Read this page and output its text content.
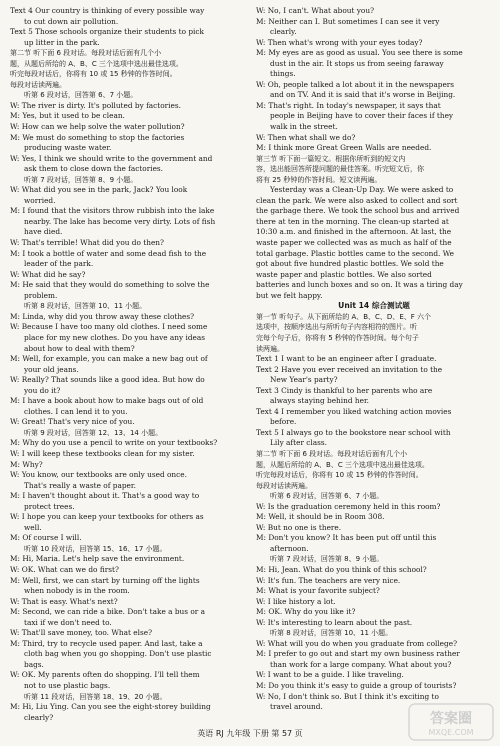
Text 4 Our country is thinking of every possible way
to cut down air pollution.
Text 5 Those schools organize their students to pick
up litter in the park.
第二节 听下面 6 段对话。每段对话后面有几个小
题，从题后所给的 A、B、C 三个选项中选出最佳选项。
听完每段对话后，你将有 10 或 15 秒钟的作答时间。
每段对话读两遍。
听第 6 段对话，回答第 6、7 小题。
W: The river is dirty. It's polluted by factories.
M: Yes, but it used to be clean.
W: How can we help solve the water pollution?
M: We must do something to stop the factories
producing waste water.
W: Yes, I think we should write to the government and
ask them to close down the factories.
听第 7 段对话，回答第 8、9 小题。
W: What did you see in the park, Jack? You look
worried.
M: I found that the visitors throw rubbish into the lake
nearby. The lake has become very dirty. Lots of fish
have died.
W: That's terrible! What did you do then?
M: I took a bottle of water and some dead fish to the
leader of the park.
W: What did he say?
M: He said that they would do something to solve the
problem.
听第 8 段对话，回答第 10、11 小题。
M: Linda, why did you throw away these clothes?
W: Because I have too many old clothes. I need some
place for my new clothes. Do you have any ideas
about how to deal with them?
M: Well, for example, you can make a new bag out of
your old jeans.
W: Really? That sounds like a good idea. But how do
you do it?
M: I have a book about how to make bags out of old
clothes. I can lend it to you.
W: Great! That's very nice of you.
听第 9 段对话，回答第 12、13、14 小题。
M: Why do you use a pencil to write on your textbooks?
W: I will keep these textbooks clean for my sister.
M: Why?
W: You know, our textbooks are only used once.
That's really a waste of paper.
M: I haven't thought about it. That's a good way to
protect trees.
W: I hope you can keep your textbooks for others as
well.
M: Of course I will.
听第 10 段对话，回答第 15、16、17 小题。
M: Hi, Maria. Let's help save the environment.
W: OK. What can we do first?
M: Well, first, we can start by turning off the lights
when nobody is in the room.
W: That is easy. What's next?
M: Second, we can ride a bike. Don't take a bus or a
taxi if we don't need to.
W: That'll save money, too. What else?
M: Third, try to recycle used paper. And last, take a
cloth bag when you go shopping. Don't use plastic
bags.
W: OK. My parents often do shopping. I'll tell them
not to use plastic bags.
听第 11 段对话，回答第 18、19、20 小题。
M: Hi, Liu Ying. Can you see the eight-storey building
clearly?
W: No, I can't. What about you?
M: Neither can I. But sometimes I can see it very
clearly.
W: Then what's wrong with your eyes today?
M: My eyes are as good as usual. You see there is some
dust in the air. It stops us from seeing faraway
things.
W: Oh, people talked a lot about it in the newspapers
and on TV. And it is said that it's worse in Beijing.
M: That's right. In today's newspaper, it says that
people in Beijing have to cover their faces if they
walk in the street.
W: Then what shall we do?
M: I think more Great Green Walls are needed.
第三节 听下面一篇短文。根据你所听到的短文内
容，选出能回答所提问题的最佳答案。听完短文后，你
将有 25 秒钟的作答时间。短文读两遍。
Yesterday was a Clean-Up Day. We were asked to
clean the park. We were also asked to collect and sort
the garbage there. We took the school bus and arrived
there at ten in the morning. The clean-up started at
10:30 a.m. and finished in the afternoon. At last, the
waste paper we collected was as much as half of the
total garbage. Plastic bottles came to the second. We
got about five hundred plastic bottles. We sold the
waste paper and plastic bottles. We also sorted
batteries and lunch boxes and so on. It was a tiring day
but we felt happy.
Unit 14 综合测试题
第一节 听句子。从下面所给的 A、B、C、D、E、F 六个
选项中，按顺序选出与所听句子内容相符的图片。听
完每个句子后，你将有 5 秒钟的作答时间。每个句子
读两遍。
Text 1 I want to be an engineer after I graduate.
Text 2 Have you ever received an invitation to the
New Year's party?
Text 3 Cindy is thankful to her parents who are
always staying behind her.
Text 4 I remember you liked watching action movies
before.
Text 5 I always go to the bookstore near school with
Lily after class.
第二节 听下面 6 段对话。每段对话后面有几个小
题，从题后所给的 A、B、C 三个选项中选出最佳选项。
听完每段对话后，你将有 10 或 15 秒钟的作答时间。
每段对话读两遍。
听第 6 段对话，回答第 6、7 小题。
W: Is the graduation ceremony held in this room?
M: Well, it should be in Room 308.
W: But no one is there.
M: Don't you know? It has been put off until this
afternoon.
听第 7 段对话，回答第 8、9 小题。
M: Hi, Jean. What do you think of this school?
W: It's fun. The teachers are very nice.
M: What is your favorite subject?
W: I like history a lot.
M: OK. Why do you like it?
W: It's interesting to learn about the past.
听第 8 段对话，回答第 10、11 小题。
W: What will you do when you graduate from college?
M: I prefer to go out and start my own business rather
than work for a large company. What about you?
W: I want to be a guide. I like traveling.
M: Do you think it's easy to guide a group of tourists?
W: No, I don't think so. But I think it's exciting to
travel around.
英语 RJ 九年级 下册 第 57 页
答案圈
MXQE.COM
